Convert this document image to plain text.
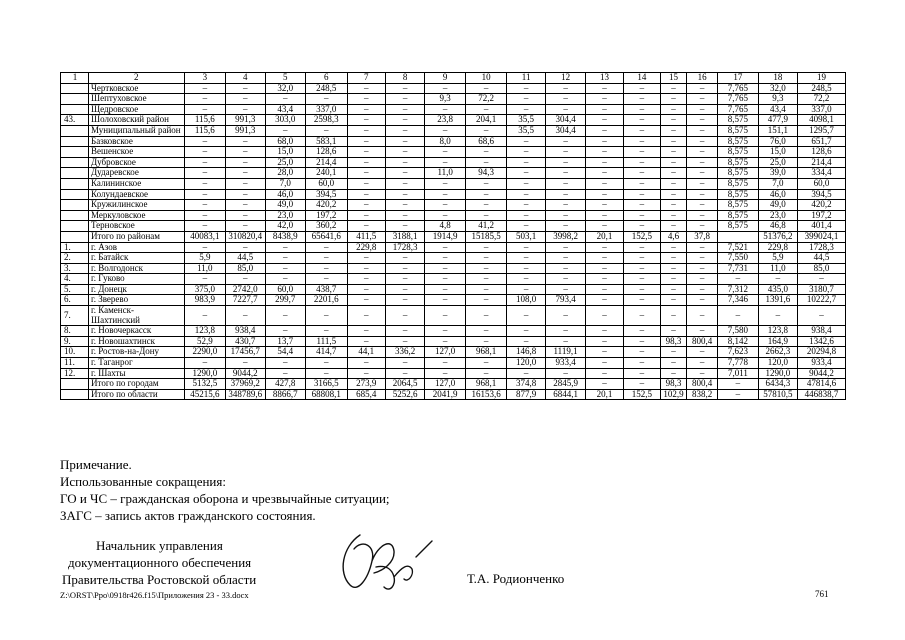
1	2	3	4	5	6	7	8	9	10	11	12	13	14	15	16	17	18	19
	Чертковское	–	–	32,0	248,5	–	–	–	–	–	–	–	–	–	–	7,765	32,0	248,5
	Шептуховское	–	–	–	–	–	–	9,3	72,2	–	–	–	–	–	–	7,765	9,3	72,2
	Щедровское	–	–	43,4	337,0	–	–	–	–	–	–	–	–	–	–	7,765	43,4	337,0
43.	Шолоховский район	115,6	991,3	303,0	2598,3	–	–	23,8	204,1	35,5	304,4	–	–	–	–	8,575	477,9	4098,1
	Муниципальный район	115,6	991,3	–	–	–	–	–	–	35,5	304,4	–	–	–	–	8,575	151,1	1295,7
	Базковское	–	–	68,0	583,1	–	–	8,0	68,6	–	–	–	–	–	–	8,575	76,0	651,7
	Вешенское	–	–	15,0	128,6	–	–	–	–	–	–	–	–	–	–	8,575	15,0	128,6
	Дубровское	–	–	25,0	214,4	–	–	–	–	–	–	–	–	–	–	8,575	25,0	214,4
	Дударевское	–	–	28,0	240,1	–	–	11,0	94,3	–	–	–	–	–	–	8,575	39,0	334,4
	Калининское	–	–	7,0	60,0	–	–	–	–	–	–	–	–	–	–	8,575	7,0	60,0
	Колундаевское	–	–	46,0	394,5	–	–	–	–	–	–	–	–	–	–	8,575	46,0	394,5
	Кружилинское	–	–	49,0	420,2	–	–	–	–	–	–	–	–	–	–	8,575	49,0	420,2
	Меркуловское	–	–	23,0	197,2	–	–	–	–	–	–	–	–	–	–	8,575	23,0	197,2
	Терновское	–	–	42,0	360,2	–	–	4,8	41,2	–	–	–	–	–	–	8,575	46,8	401,4
	Итого по районам	40083,1	310820,4	8438,9	65641,6	411,5	3188,1	1914,9	15185,5	503,1	3998,2	20,1	152,5	4,6	37,8		51376,2	399024,1
1.	г. Азов	–	–	–	–	229,8	1728,3	–	–	–	–	–	–	–	–	7,521	229,8	1728,3
2.	г. Батайск	5,9	44,5	–	–	–	–	–	–	–	–	–	–	–	–	7,550	5,9	44,5
3.	г. Волгодонск	11,0	85,0	–	–	–	–	–	–	–	–	–	–	–	–	7,731	11,0	85,0
4.	г. Гуково	–	–	–	–	–	–	–	–	–	–	–	–	–	–	–	–	–
5.	г. Донецк	375,0	2742,0	60,0	438,7	–	–	–	–	–	–	–	–	–	–	7,312	435,0	3180,7
6.	г. Зверево	983,9	7227,7	299,7	2201,6	–	–	–	–	108,0	793,4	–	–	–	–	7,346	1391,6	10222,7
7.	г. Каменск-Шахтинский	–	–	–	–	–	–	–	–	–	–	–	–	–	–	–	–	–
8.	г. Новочеркасск	123,8	938,4	–	–	–	–	–	–	–	–	–	–	–	–	7,580	123,8	938,4
9.	г. Новошахтинск	52,9	430,7	13,7	111,5	–	–	–	–	–	–	–	–	98,3	800,4	8,142	164,9	1342,6
10.	г. Ростов-на-Дону	2290,0	17456,7	54,4	414,7	44,1	336,2	127,0	968,1	146,8	1119,1	–	–	–	–	7,623	2662,3	20294,8
11.	г. Таганрог	–	–	–	–	–	–	–	–	120,0	933,4	–	–	–	–	7,778	120,0	933,4
12.	г. Шахты	1290,0	9044,2	–	–	–	–	–	–	–	–	–	–	–	–	7,011	1290,0	9044,2
	Итого по городам	5132,5	37969,2	427,8	3166,5	273,9	2064,5	127,0	968,1	374,8	2845,9	–	–	98,3	800,4	–	6434,3	47814,6
	Итого по области	45215,6	348789,6	8866,7	68808,1	685,4	5252,6	2041,9	16153,6	877,9	6844,1	20,1	152,5	102,9	838,2	–	57810,5	446838,7
Примечание.
Использованные сокращения:
ГО и ЧС – гражданская оборона и чрезвычайные ситуации;
ЗАГС – запись актов гражданского состояния.
Начальник управления
документационного обеспечения
Правительства Ростовской области	Т.А. Родионченко
Z:\ORST\Ppo\0918r426.f15\Приложения 23 - 33.docx	761
